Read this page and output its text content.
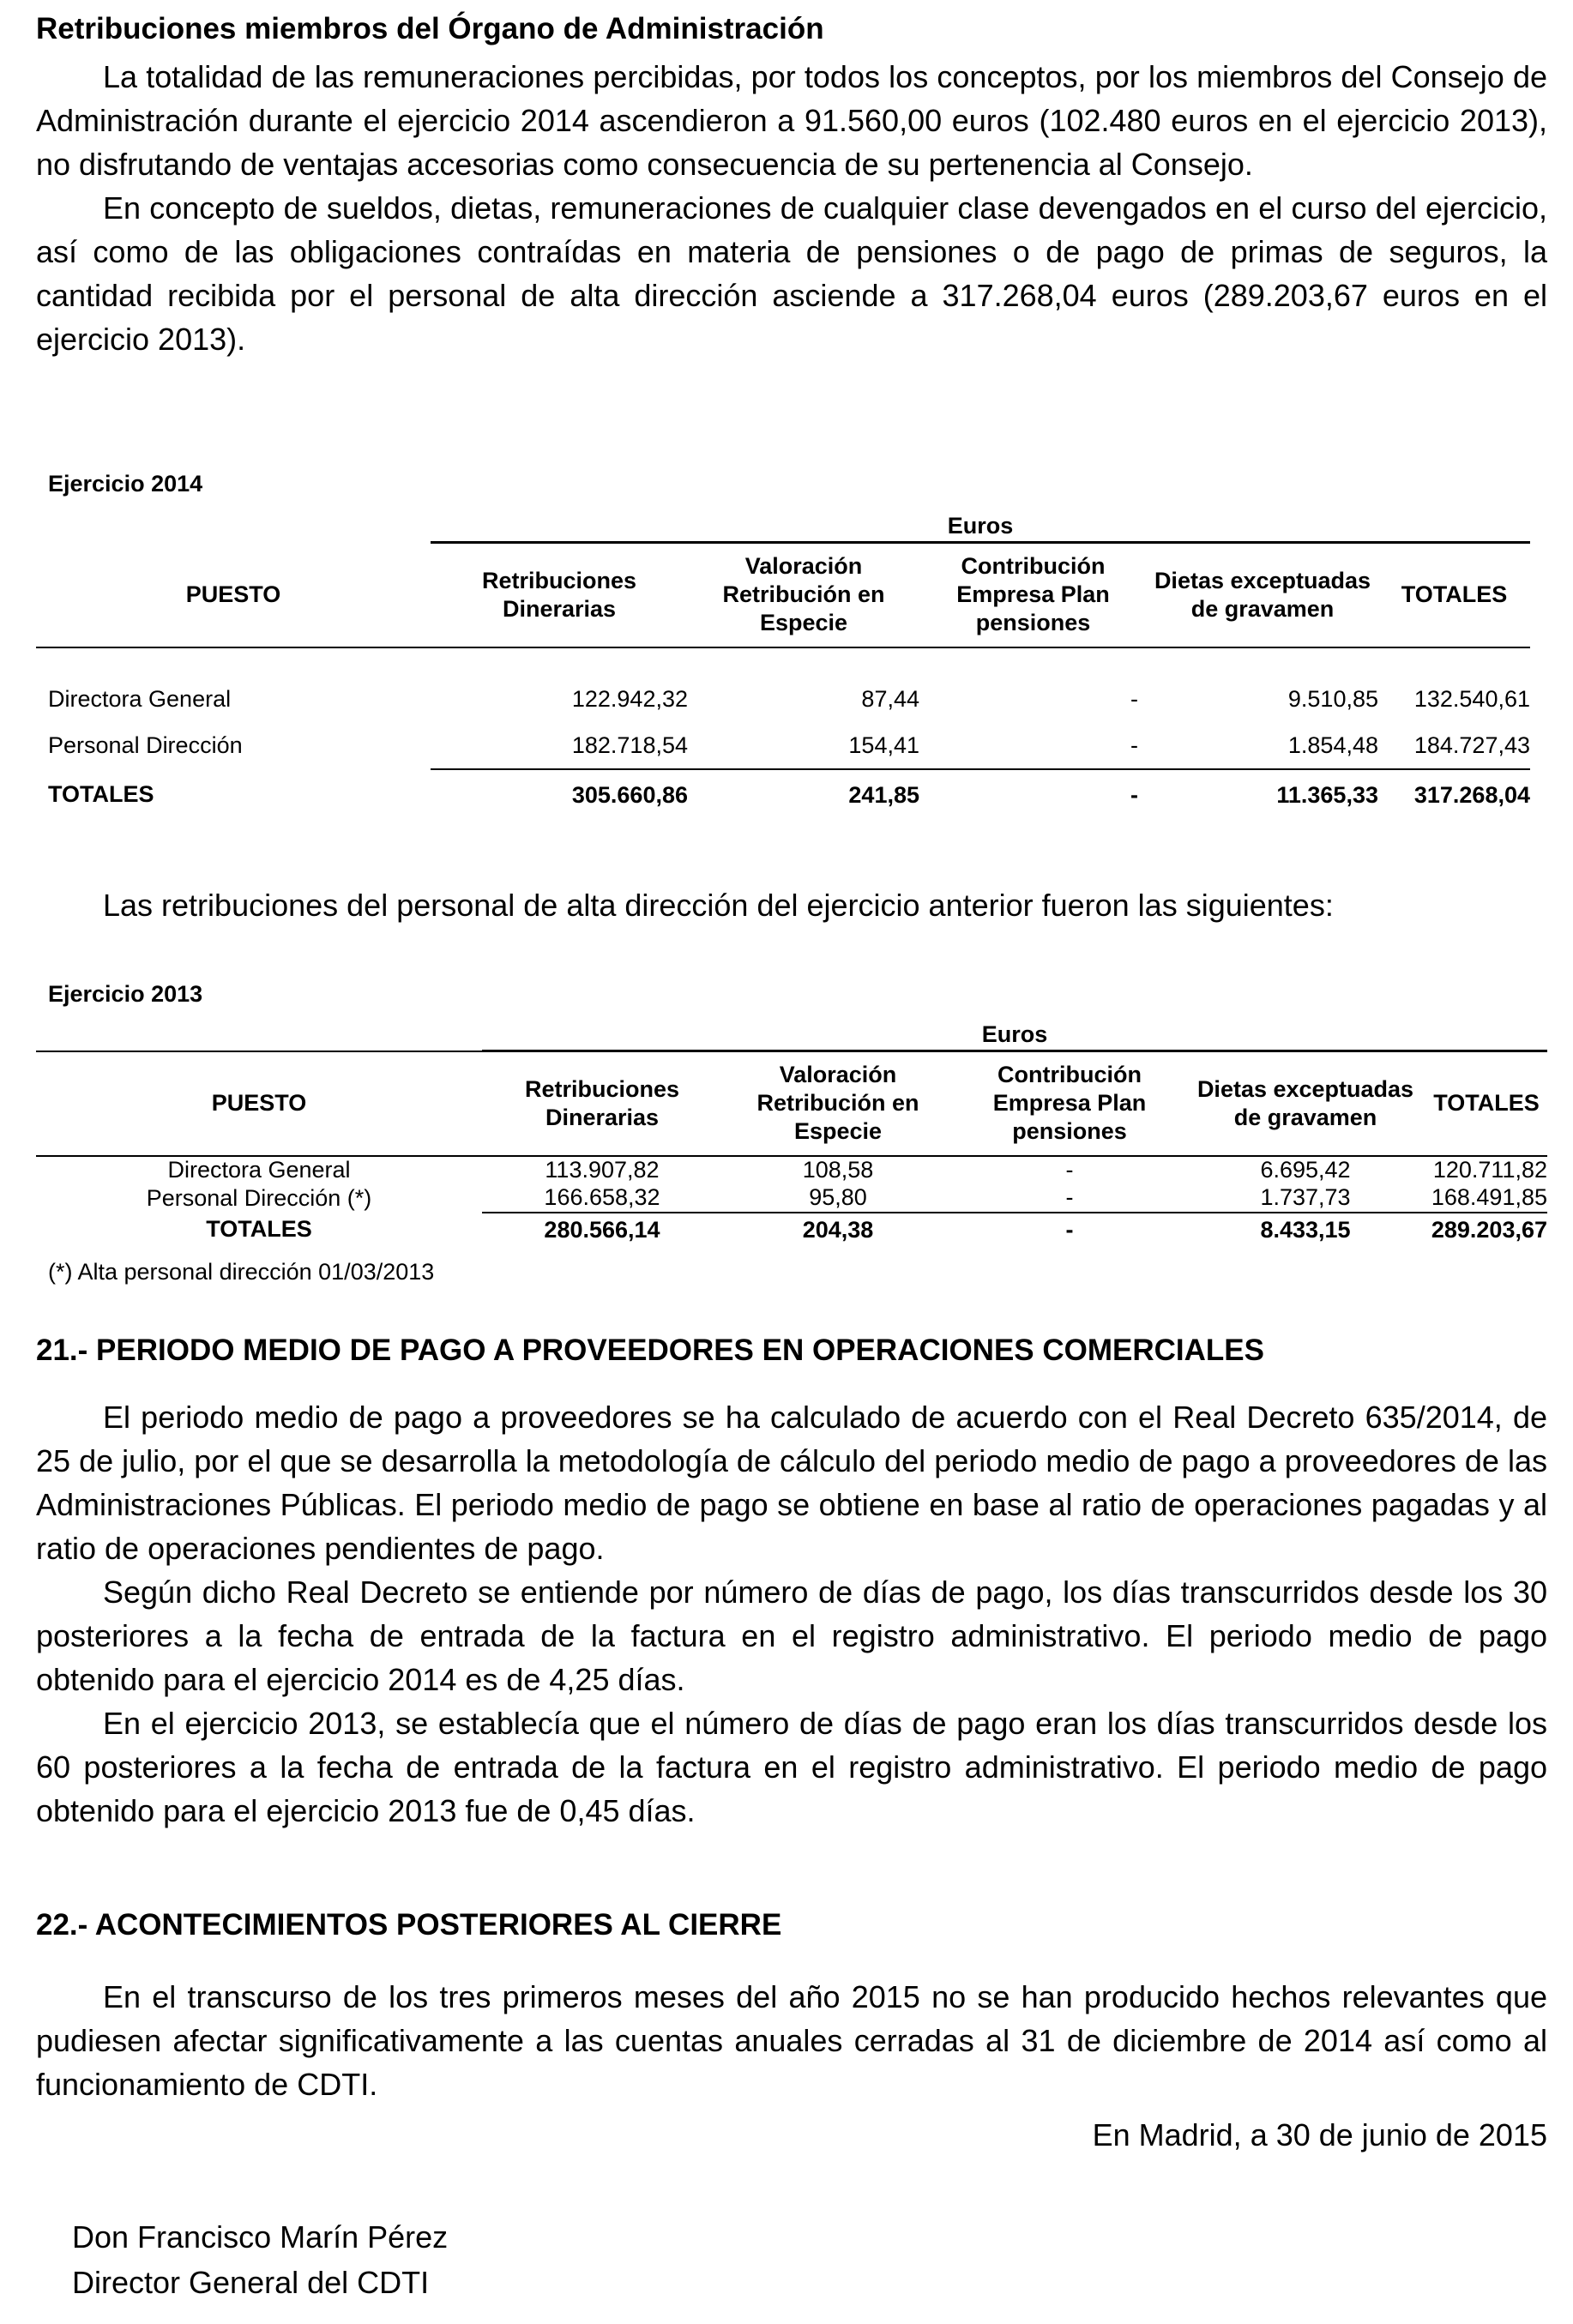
Retribuciones miembros del Órgano de Administración

La totalidad de las remuneraciones percibidas, por todos los conceptos, por los miembros del Consejo de Administración durante el ejercicio 2014 ascendieron a 91.560,00 euros (102.480 euros en el ejercicio 2013), no disfrutando de ventajas accesorias como consecuencia de su pertenencia al Consejo.

En concepto de sueldos, dietas, remuneraciones de cualquier clase devengados en el curso del ejercicio, así como de las obligaciones contraídas en materia de pensiones o de pago de primas de seguros, la cantidad recibida por el personal de alta dirección asciende a 317.268,04 euros (289.203,67 euros en el ejercicio 2013).

Ejercicio 2014
	Euros				
PUESTO	Retribuciones Dinerarias	Valoración Retribución en Especie	Contribución Empresa Plan pensiones	Dietas exceptuadas de gravamen	TOTALES

Directora General	122.942,32	87,44	-	9.510,85	132.540,61
Personal Dirección	182.718,54	154,41	-	1.854,48	184.727,43
TOTALES	305.660,86	241,85	-	11.365,33	317.268,04

Las retribuciones del personal de alta dirección del ejercicio anterior fueron las siguientes:

Ejercicio 2013
	Euros				
PUESTO	Retribuciones Dinerarias	Valoración Retribución en Especie	Contribución Empresa Plan pensiones	Dietas exceptuadas de gravamen	TOTALES
Directora General	113.907,82	108,58	-	6.695,42	120.711,82
Personal Dirección (*)	166.658,32	95,80	-	1.737,73	168.491,85
TOTALES	280.566,14	204,38	-	8.433,15	289.203,67
(*) Alta personal dirección 01/03/2013
21.- PERIODO MEDIO DE PAGO A PROVEEDORES EN OPERACIONES COMERCIALES

El periodo medio de pago a proveedores se ha calculado de acuerdo con el Real Decreto 635/2014, de 25 de julio, por el que se desarrolla la metodología de cálculo del periodo medio de pago a proveedores de las Administraciones Públicas. El periodo medio de pago se obtiene en base al ratio de operaciones pagadas y al ratio de operaciones pendientes de pago.

Según dicho Real Decreto se entiende por número de días de pago, los días transcurridos desde los 30 posteriores a la fecha de entrada de la factura en el registro administrativo. El periodo medio de pago obtenido para el ejercicio 2014 es de 4,25 días.

En el ejercicio 2013, se establecía que el número de días de pago eran los días transcurridos desde los 60 posteriores a la fecha de entrada de la factura en el registro administrativo. El periodo medio de pago obtenido para el ejercicio 2013 fue de 0,45 días.

22.- ACONTECIMIENTOS POSTERIORES AL CIERRE

En el transcurso de los tres primeros meses del año 2015 no se han producido hechos relevantes que pudiesen afectar significativamente a las cuentas anuales cerradas al 31 de diciembre de 2014 así como al funcionamiento de CDTI.

En Madrid, a 30 de junio de 2015
Don Francisco Marín Pérez
Director General del CDTI
